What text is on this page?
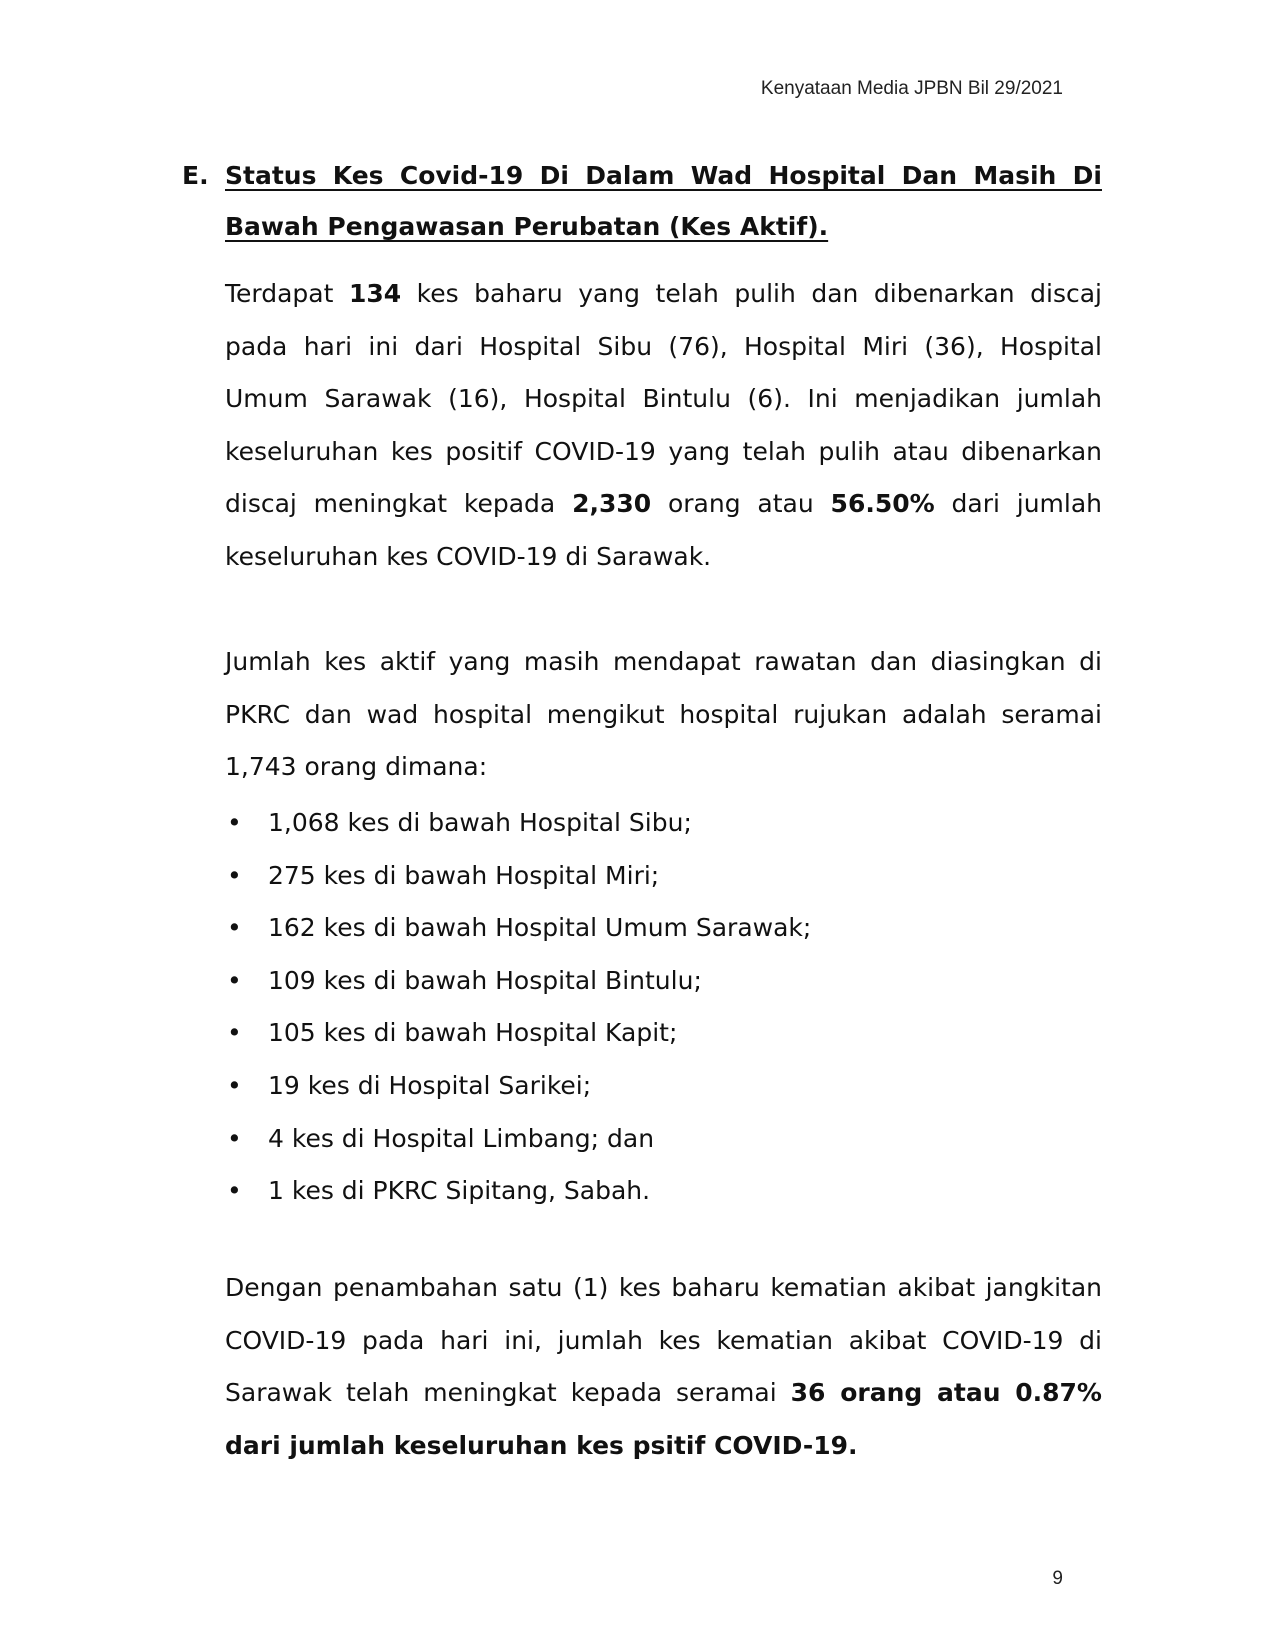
Kenyataan Media JPBN Bil 29/2021
E. Status Kes Covid-19 Di Dalam Wad Hospital Dan Masih Di Bawah Pengawasan Perubatan (Kes Aktif).
Terdapat 134 kes baharu yang telah pulih dan dibenarkan discaj pada hari ini dari Hospital Sibu (76), Hospital Miri (36), Hospital Umum Sarawak (16), Hospital Bintulu (6). Ini menjadikan jumlah keseluruhan kes positif COVID-19 yang telah pulih atau dibenarkan discaj meningkat kepada 2,330 orang atau 56.50% dari jumlah keseluruhan kes COVID-19 di Sarawak.
Jumlah kes aktif yang masih mendapat rawatan dan diasingkan di PKRC dan wad hospital mengikut hospital rujukan adalah seramai 1,743 orang dimana:
• 1,068 kes di bawah Hospital Sibu;
• 275 kes di bawah Hospital Miri;
• 162 kes di bawah Hospital Umum Sarawak;
• 109 kes di bawah Hospital Bintulu;
• 105 kes di bawah Hospital Kapit;
• 19 kes di Hospital Sarikei;
• 4 kes di Hospital Limbang; dan
• 1 kes di PKRC Sipitang, Sabah.
Dengan penambahan satu (1) kes baharu kematian akibat jangkitan COVID-19 pada hari ini, jumlah kes kematian akibat COVID-19 di Sarawak telah meningkat kepada seramai 36 orang atau 0.87% dari jumlah keseluruhan kes psitif COVID-19.
9
